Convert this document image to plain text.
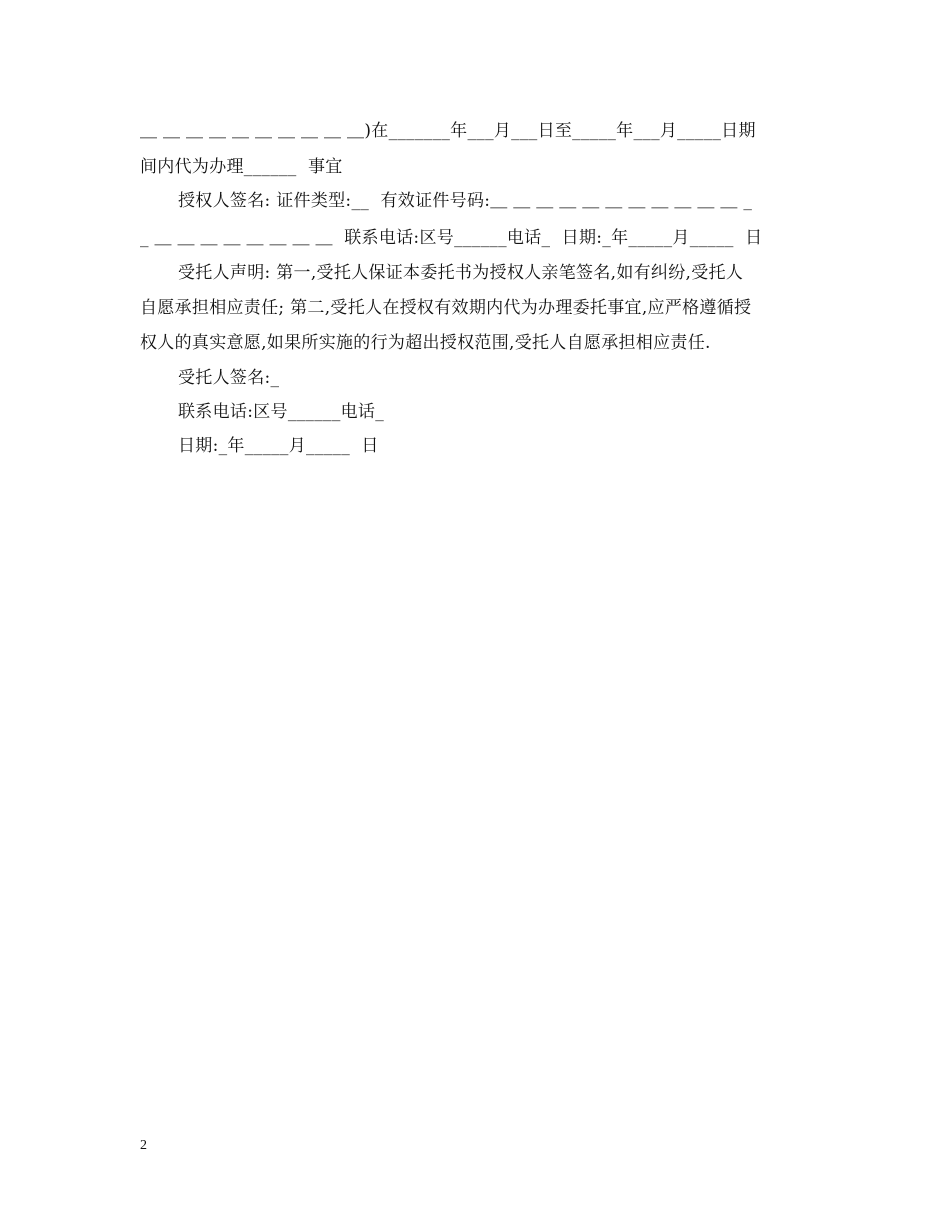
＿ ＿ ＿ ＿ ＿ ＿ ＿ ＿ ＿ ＿)在_______年___月___日至_____年___月_____日期
间内代为办理______  事宜
授权人签名: 证件类型:__  有效证件号码:＿ ＿ ＿ ＿ ＿ ＿ ＿ ＿ ＿ ＿ ＿ _
_ ＿ ＿ ＿ ＿ ＿ ＿ ＿ ＿  联系电话:区号______电话_  日期:_年_____月_____  日
受托人声明: 第一,受托人保证本委托书为授权人亲笔签名,如有纠纷,受托人
自愿承担相应责任; 第二,受托人在授权有效期内代为办理委托事宜,应严格遵循授
权人的真实意愿,如果所实施的行为超出授权范围,受托人自愿承担相应责任.
受托人签名:_
联系电话:区号______电话_
日期:_年_____月_____  日
2
